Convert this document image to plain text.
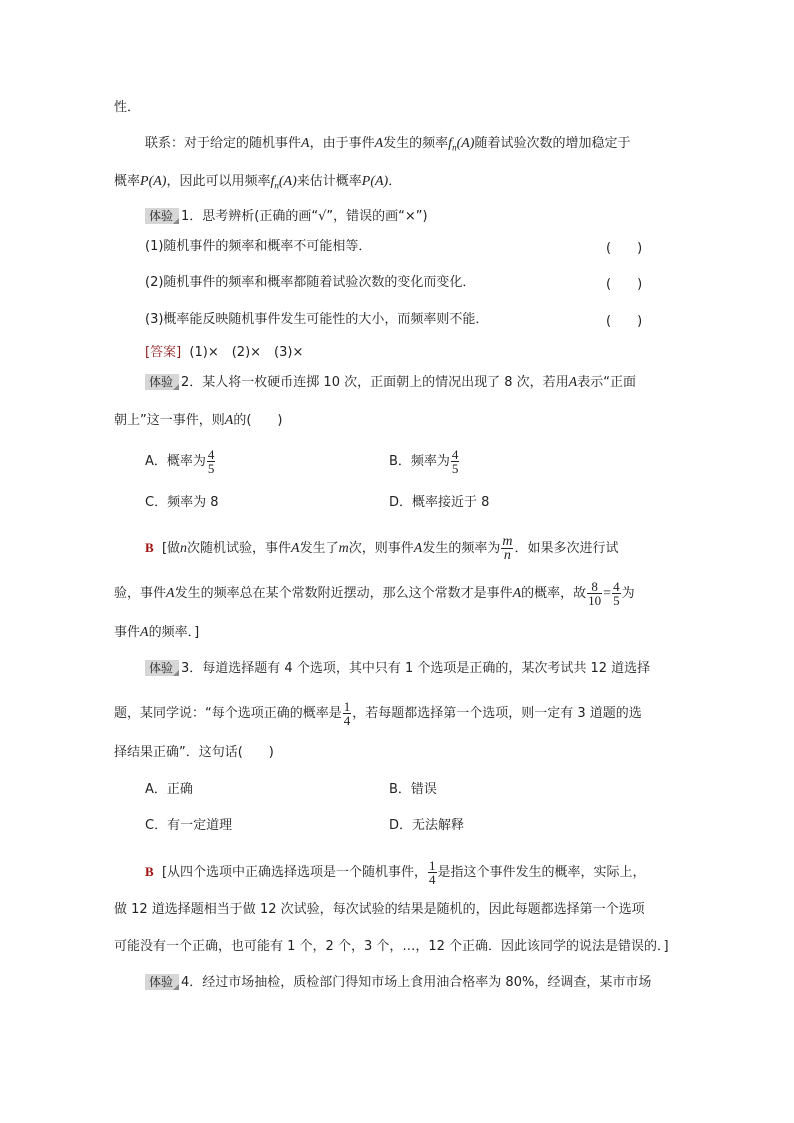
性．
联系：对于给定的随机事件A，由于事件A发生的频率$f_n(A)$随着试验次数的增加稳定于
概率P(A)，因此可以用频率$f_n(A)$来估计概率P(A)．
体验 1．思考辨析(正确的画“√”，错误的画“×”)
(1)随机事件的频率和概率不可能相等．	(　　)
(2)随机事件的频率和概率都随着试验次数的变化而变化．	(　　)
(3)概率能反映随机事件发生可能性的大小，而频率则不能．	(　　)
[答案] (1)×　(2)×　(3)×
体验 2．某人将一枚硬币连掷 10 次，正面朝上的情况出现了 8 次，若用A表示“正面
朝上”这一事件，则A的(　　)
A．概率为 $\frac{4}{5}$	B．频率为 $\frac{4}{5}$
C．频率为 8	D．概率接近于 8
B [做n次随机试验，事件A发生了m次，则事件A发生的频率为 $\frac{m}{n}$ ．如果多次进行试
验，事件A发生的频率总在某个常数附近摆动，那么这个常数才是事件A的概率，故 $\frac{8}{10} = \frac{4}{5}$ 为
事件A的频率．]
体验 3．每道选择题有 4 个选项，其中只有 1 个选项是正确的，某次考试共 12 道选择
题，某同学说：“每个选项正确的概率是 $\frac{1}{4}$ ，若每题都选择第一个选项，则一定有 3 道题的选
择结果正确”．这句话(　　)
A．正确	B．错误
C．有一定道理	D．无法解释
B [从四个选项中正确选择选项是一个随机事件， $\frac{1}{4}$ 是指这个事件发生的概率，实际上，
做 12 道选择题相当于做 12 次试验，每次试验的结果是随机的，因此每题都选择第一个选项
可能没有一个正确，也可能有 1 个，2 个，3 个，…，12 个正确．因此该同学的说法是错误的．]
体验 4．经过市场抽检，质检部门得知市场上食用油合格率为 80%，经调查，某市市场
